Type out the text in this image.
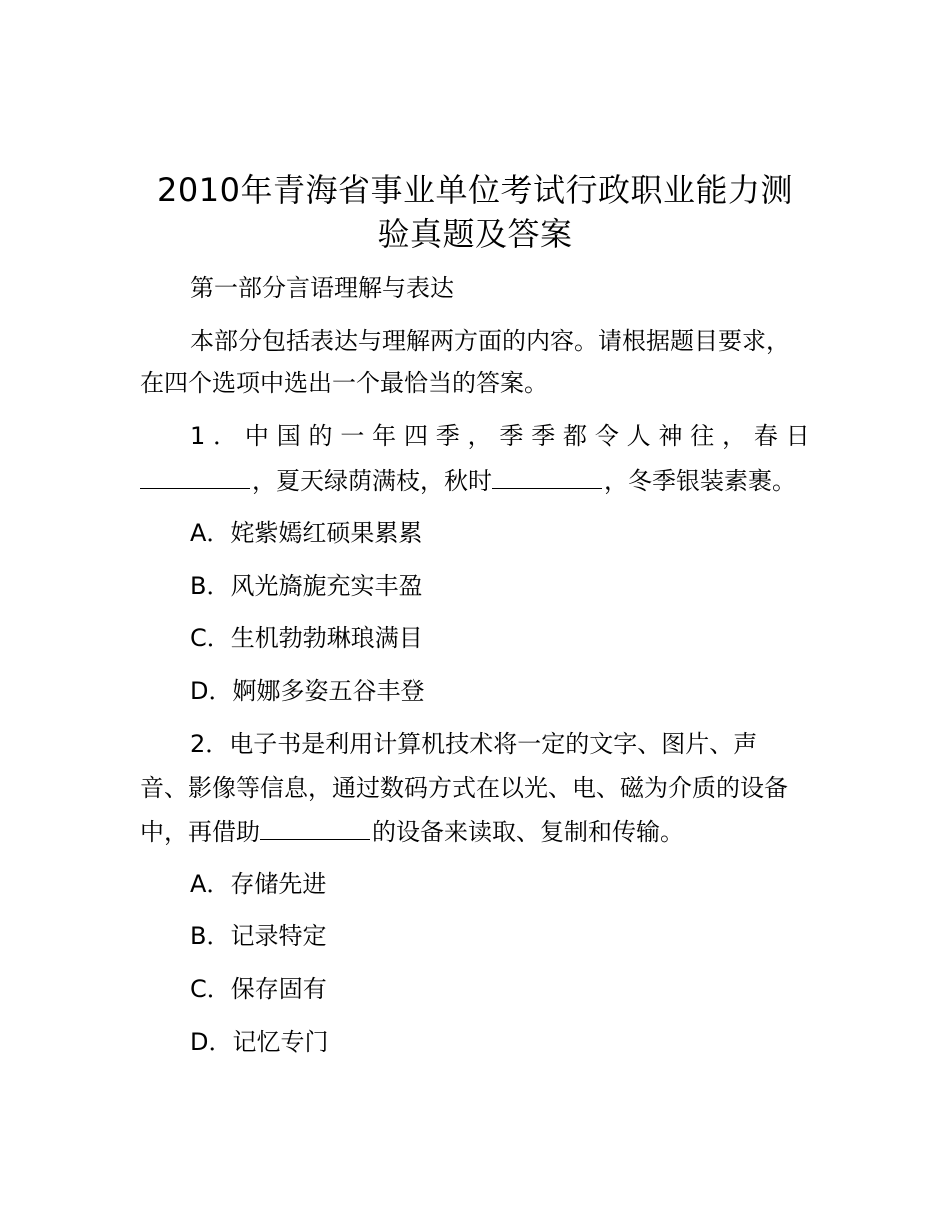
2010年青海省事业单位考试行政职业能力测
验真题及答案
第一部分言语理解与表达
本部分包括表达与理解两方面的内容。请根据题目要求，
在四个选项中选出一个最恰当的答案。
1 ． 中 国 的 一 年 四 季 ， 季 季 都 令 人 神 往 ， 春 日
，夏天绿荫满枝，秋时	，冬季银装素裹。
A．姹紫嫣红硕果累累
B．风光旖旎充实丰盈
C．生机勃勃琳琅满目
D．婀娜多姿五谷丰登
2．电子书是利用计算机技术将一定的文字、图片、声
音、影像等信息，通过数码方式在以光、电、磁为介质的设备
中，再借助	的设备来读取、复制和传输。
A．存储先进
B．记录特定
C．保存固有
D．记忆专门
